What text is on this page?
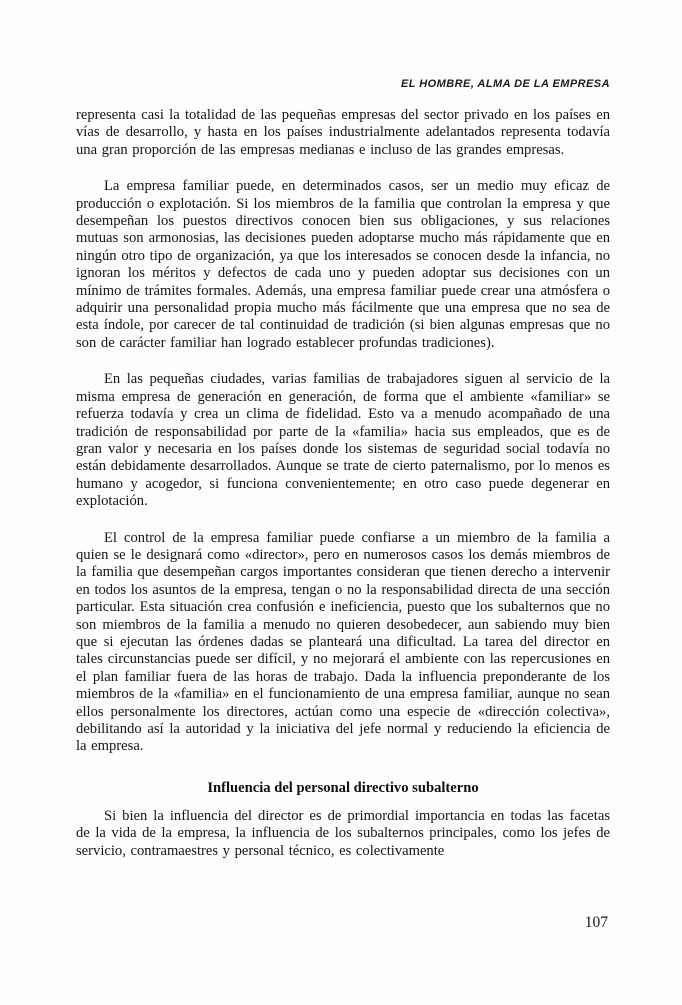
EL HOMBRE, ALMA DE LA EMPRESA

representa casi la totalidad de las pequeñas empresas del sector privado en los países en vías de desarrollo, y hasta en los países industrialmente adelantados representa todavía una gran proporción de las empresas medianas e incluso de las grandes empresas.

La empresa familiar puede, en determinados casos, ser un medio muy eficaz de producción o explotación. Si los miembros de la familia que controlan la empresa y que desempeñan los puestos directivos conocen bien sus obligaciones, y sus relaciones mutuas son armonosias, las decisiones pueden adoptarse mucho más rápidamente que en ningún otro tipo de organización, ya que los interesados se conocen desde la infancia, no ignoran los méritos y defectos de cada uno y pueden adoptar sus decisiones con un mínimo de trámites formales. Además, una empresa familiar puede crear una atmósfera o adquirir una personalidad propia mucho más fácilmente que una empresa que no sea de esta índole, por carecer de tal continuidad de tradición (si bien algunas empresas que no son de carácter familiar han logrado establecer profundas tradiciones).

En las pequeñas ciudades, varias familias de trabajadores siguen al servicio de la misma empresa de generación en generación, de forma que el ambiente «familiar» se refuerza todavía y crea un clima de fidelidad. Esto va a menudo acompañado de una tradición de responsabilidad por parte de la «familia» hacia sus empleados, que es de gran valor y necesaria en los países donde los sistemas de seguridad social todavía no están debidamente desarrollados. Aunque se trate de cierto paternalismo, por lo menos es humano y acogedor, si funciona convenientemente; en otro caso puede degenerar en explotación.

El control de la empresa familiar puede confiarse a un miembro de la familia a quien se le designará como «director», pero en numerosos casos los demás miembros de la familia que desempeñan cargos importantes consideran que tienen derecho a intervenir en todos los asuntos de la empresa, tengan o no la responsabilidad directa de una sección particular. Esta situación crea confusión e ineficiencia, puesto que los subalternos que no son miembros de la familia a menudo no quieren desobedecer, aun sabiendo muy bien que si ejecutan las órdenes dadas se planteará una dificultad. La tarea del director en tales circunstancias puede ser difícil, y no mejorará el ambiente con las repercusiones en el plan familiar fuera de las horas de trabajo. Dada la influencia preponderante de los miembros de la «familia» en el funcionamiento de una empresa familiar, aunque no sean ellos personalmente los directores, actúan como una especie de «dirección colectiva», debilitando así la autoridad y la iniciativa del jefe normal y reduciendo la eficiencia de la empresa.

Influencia del personal directivo subalterno

Si bien la influencia del director es de primordial importancia en todas las facetas de la vida de la empresa, la influencia de los subalternos principales, como los jefes de servicio, contramaestres y personal técnico, es colectivamente

107
